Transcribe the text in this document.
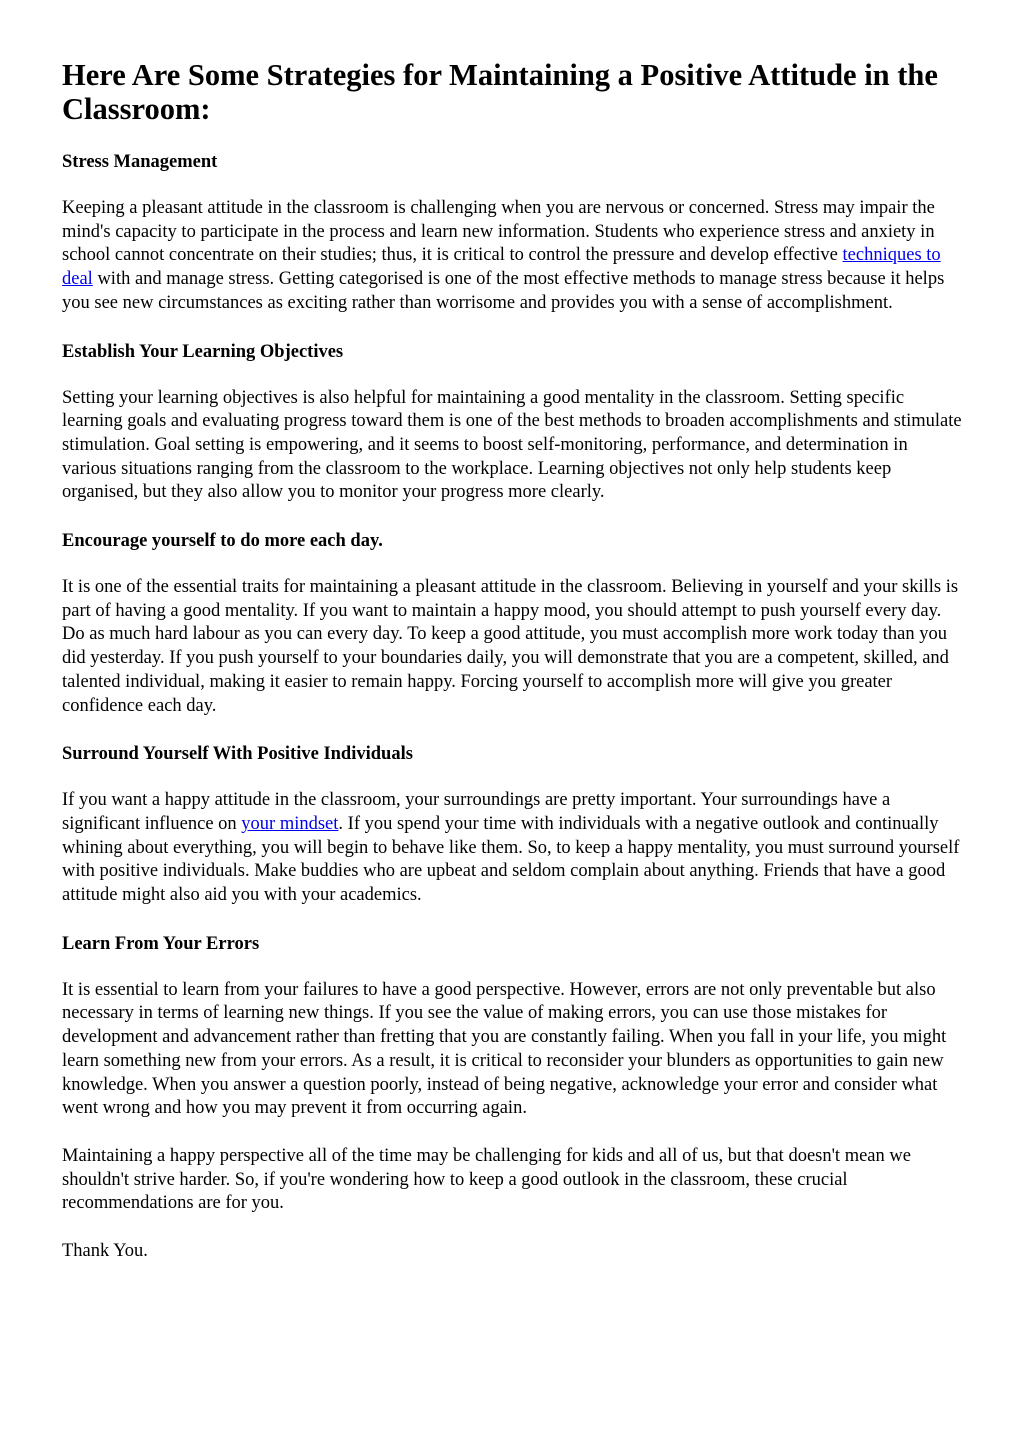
Here Are Some Strategies for Maintaining a Positive Attitude in the Classroom:
Stress Management

Keeping a pleasant attitude in the classroom is challenging when you are nervous or concerned. Stress may impair the mind's capacity to participate in the process and learn new information. Students who experience stress and anxiety in school cannot concentrate on their studies; thus, it is critical to control the pressure and develop effective techniques to deal with and manage stress. Getting categorised is one of the most effective methods to manage stress because it helps you see new circumstances as exciting rather than worrisome and provides you with a sense of accomplishment.

Establish Your Learning Objectives

Setting your learning objectives is also helpful for maintaining a good mentality in the classroom. Setting specific learning goals and evaluating progress toward them is one of the best methods to broaden accomplishments and stimulate stimulation. Goal setting is empowering, and it seems to boost self-monitoring, performance, and determination in various situations ranging from the classroom to the workplace. Learning objectives not only help students keep organised, but they also allow you to monitor your progress more clearly.

Encourage yourself to do more each day.

It is one of the essential traits for maintaining a pleasant attitude in the classroom. Believing in yourself and your skills is part of having a good mentality. If you want to maintain a happy mood, you should attempt to push yourself every day. Do as much hard labour as you can every day. To keep a good attitude, you must accomplish more work today than you did yesterday. If you push yourself to your boundaries daily, you will demonstrate that you are a competent, skilled, and talented individual, making it easier to remain happy. Forcing yourself to accomplish more will give you greater confidence each day.

Surround Yourself With Positive Individuals

If you want a happy attitude in the classroom, your surroundings are pretty important. Your surroundings have a significant influence on your mindset. If you spend your time with individuals with a negative outlook and continually whining about everything, you will begin to behave like them. So, to keep a happy mentality, you must surround yourself with positive individuals. Make buddies who are upbeat and seldom complain about anything. Friends that have a good attitude might also aid you with your academics.

Learn From Your Errors

It is essential to learn from your failures to have a good perspective. However, errors are not only preventable but also necessary in terms of learning new things. If you see the value of making errors, you can use those mistakes for development and advancement rather than fretting that you are constantly failing. When you fall in your life, you might learn something new from your errors. As a result, it is critical to reconsider your blunders as opportunities to gain new knowledge. When you answer a question poorly, instead of being negative, acknowledge your error and consider what went wrong and how you may prevent it from occurring again.

Maintaining a happy perspective all of the time may be challenging for kids and all of us, but that doesn't mean we shouldn't strive harder. So, if you're wondering how to keep a good outlook in the classroom, these crucial recommendations are for you.

Thank You.
